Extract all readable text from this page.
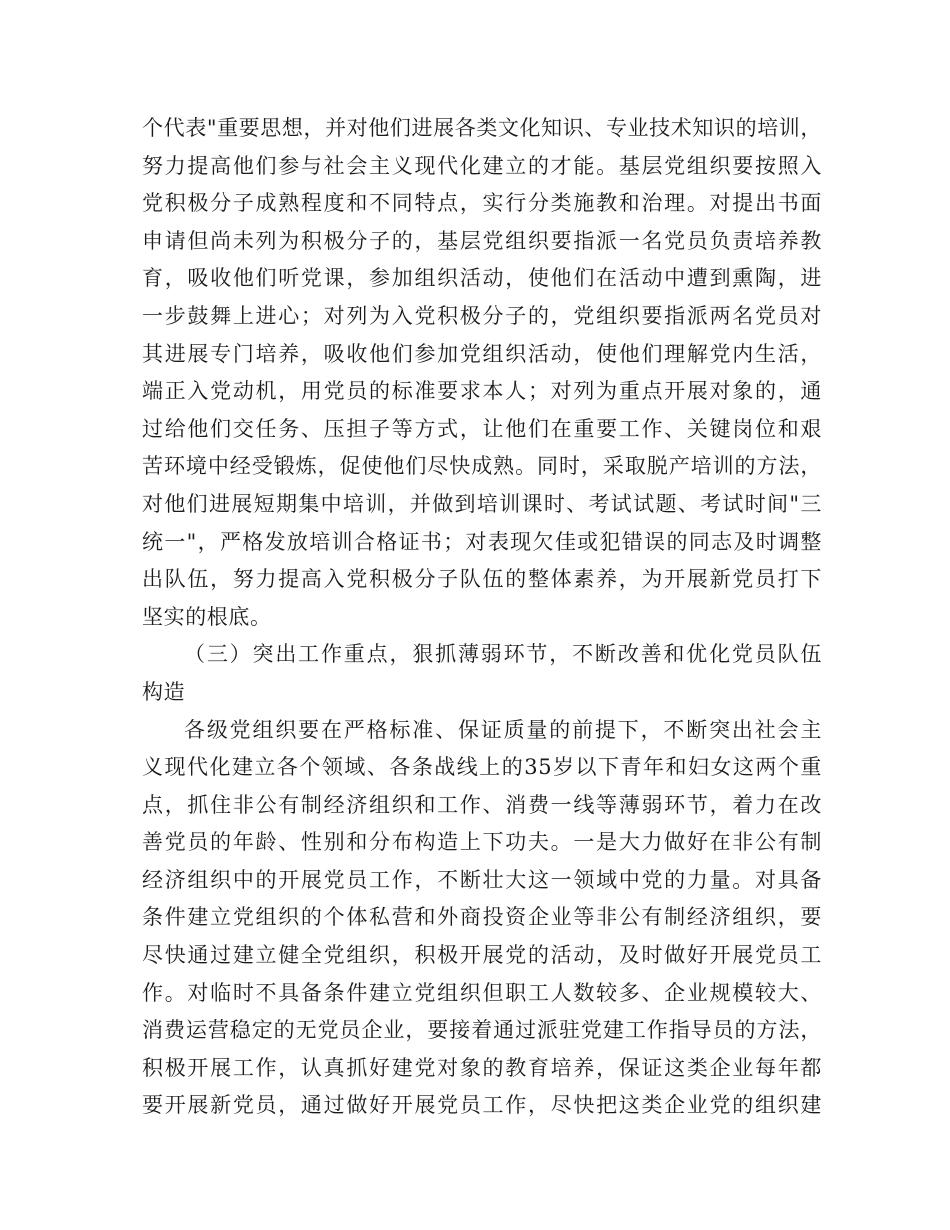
个代表"重要思想，并对他们进展各类文化知识、专业技术知识的培训，
努力提高他们参与社会主义现代化建立的才能。基层党组织要按照入
党积极分子成熟程度和不同特点，实行分类施教和治理。对提出书面
申请但尚未列为积极分子的，基层党组织要指派一名党员负责培养教
育，吸收他们听党课，参加组织活动，使他们在活动中遭到熏陶，进
一步鼓舞上进心；对列为入党积极分子的，党组织要指派两名党员对
其进展专门培养，吸收他们参加党组织活动，使他们理解党内生活，
端正入党动机，用党员的标准要求本人；对列为重点开展对象的，通
过给他们交任务、压担子等方式，让他们在重要工作、关键岗位和艰
苦环境中经受锻炼，促使他们尽快成熟。同时，采取脱产培训的方法，
对他们进展短期集中培训，并做到培训课时、考试试题、考试时间"三
统一"，严格发放培训合格证书；对表现欠佳或犯错误的同志及时调整
出队伍，努力提高入党积极分子队伍的整体素养，为开展新党员打下
坚实的根底。
（三）突出工作重点，狠抓薄弱环节，不断改善和优化党员队伍
构造
各级党组织要在严格标准、保证质量的前提下，不断突出社会主
义现代化建立各个领域、各条战线上的35岁以下青年和妇女这两个重
点，抓住非公有制经济组织和工作、消费一线等薄弱环节，着力在改
善党员的年龄、性别和分布构造上下功夫。一是大力做好在非公有制
经济组织中的开展党员工作，不断壮大这一领域中党的力量。对具备
条件建立党组织的个体私营和外商投资企业等非公有制经济组织，要
尽快通过建立健全党组织，积极开展党的活动，及时做好开展党员工
作。对临时不具备条件建立党组织但职工人数较多、企业规模较大、
消费运营稳定的无党员企业，要接着通过派驻党建工作指导员的方法，
积极开展工作，认真抓好建党对象的教育培养，保证这类企业每年都
要开展新党员，通过做好开展党员工作，尽快把这类企业党的组织建
